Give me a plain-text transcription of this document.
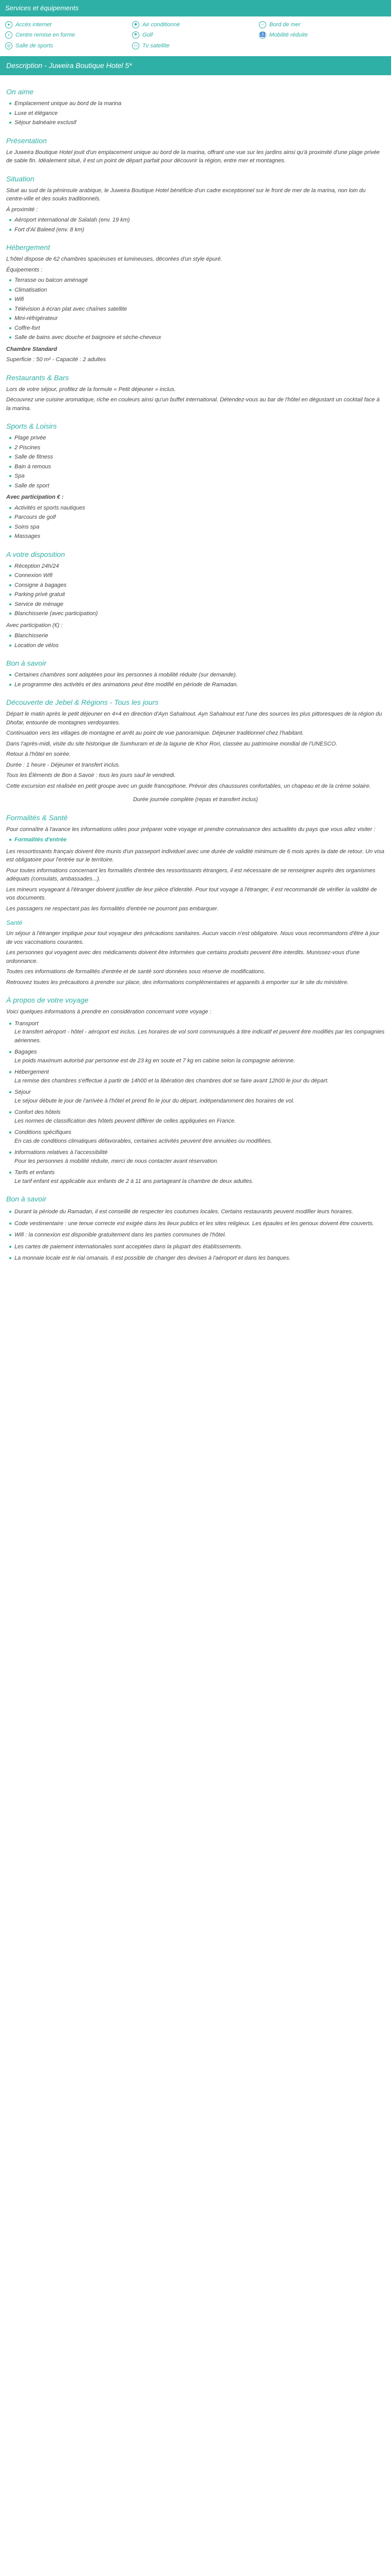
Services et équipements
● Accès internet	✱ Air conditionné	~ Bord de mer
+ Centre remise en forme	⚑ Golf	♿ Mobilité réduite
◎ Salle de sports	▭ Tv satellite
Description - Juweira Boutique Hotel 5*
On aime
Emplacement unique au bord de la marina
Luxe et élégance
Séjour balnéaire exclusif
Présentation

Le Juweira Boutique Hotel jouit d'un emplacement unique au bord de la marina, offrant une vue sur les jardins ainsi qu'à proximité d'une plage privée de sable fin. Idéalement situé, il est un point de départ parfait pour découvrir la région, entre mer et montagnes.

Situation

Situé au sud de la péninsule arabique, le Juweira Boutique Hotel bénéficie d'un cadre exceptionnel sur le front de mer de la marina, non loin du centre-ville et des souks traditionnels.

À proximité :

Aéroport international de Salalah (env. 19 km)
Fort d'Al Baleed (env. 8 km)
Hébergement

L'hôtel dispose de 62 chambres spacieuses et lumineuses, décorées d'un style épuré.

Équipements :

Terrasse ou balcon aménagé
Climatisation
Wifi
Télévision à écran plat avec chaînes satellite
Mini-réfrigérateur
Coffre-fort
Salle de bains avec douche et baignoire et sèche-cheveux

Chambre Standard

Superficie : 50 m² - Capacité : 2 adultes

Restaurants & Bars

Lors de votre séjour, profitez de la formule « Petit déjeuner » inclus.

Découvrez une cuisine aromatique, riche en couleurs ainsi qu'un buffet international. Détendez-vous au bar de l'hôtel en dégustant un cocktail face à la marina.

Sports & Loisirs
Plage privée
2 Piscines
Salle de fitness
Bain à remous
Spa
Salle de sport

Avec participation € :

Activités et sports nautiques
Parcours de golf
Soins spa
Massages
A votre disposition
Réception 24h/24
Connexion Wifi
Consigne à bagages
Parking privé gratuit
Service de ménage
Blanchisserie (avec participation)

Avec participation (€) :

Blanchisserie
Location de vélos
Bon à savoir
Certaines chambres sont adaptées pour les personnes à mobilité réduite (sur demande).
Le programme des activités et des animations peut être modifié en période de Ramadan.
Découverte de Jebel & Régions - Tous les jours

Départ le matin après le petit déjeuner en 4×4 en direction d'Ayn Sahalnout. Ayn Sahalnout est l'une des sources les plus pittoresques de la région du Dhofar, entourée de montagnes verdoyantes.

Continuation vers les villages de montagne et arrêt au point de vue panoramique. Déjeuner traditionnel chez l'habitant.

Dans l'après-midi, visite du site historique de Sumhuram et de la lagune de Khor Rori, classée au patrimoine mondial de l'UNESCO.

Retour à l'hôtel en soirée.

Durée : 1 heure - Déjeuner et transfert inclus.

Tous les Éléments de Bon à Savoir : tous les jours sauf le vendredi.

Cette excursion est réalisée en petit groupe avec un guide francophone. Prévoir des chaussures confortables, un chapeau et de la crème solaire.

Durée journée complète (repas et transfert inclus)

Formalités & Santé

Pour connaître à l'avance les informations utiles pour préparer votre voyage et prendre connaissance des actualités du pays que vous allez visiter :

Formalités d'entrée

Les ressortissants français doivent être munis d'un passeport individuel avec une durée de validité minimum de 6 mois après la date de retour. Un visa est obligatoire pour l'entrée sur le territoire.

Pour toutes informations concernant les formalités d'entrée des ressortissants étrangers, il est nécessaire de se renseigner auprès des organismes adéquats (consulats, ambassades...).

Les mineurs voyageant à l'étranger doivent justifier de leur pièce d'identité. Pour tout voyage à l'étranger, il est recommandé de vérifier la validité de vos documents.

Les passagers ne respectant pas les formalités d'entrée ne pourront pas embarquer.

Santé

Un séjour à l'étranger implique pour tout voyageur des précautions sanitaires. Aucun vaccin n'est obligatoire. Nous vous recommandons d'être à jour de vos vaccinations courantes.

Les personnes qui voyagent avec des médicaments doivent être informées que certains produits peuvent être interdits. Munissez-vous d'une ordonnance.

Toutes ces informations de formalités d'entrée et de santé sont données sous réserve de modifications.

Retrouvez toutes les précautions à prendre sur place, des informations complémentaires et appareils à emporter sur le site du ministère.

À propos de votre voyage

Voici quelques informations à prendre en considération concernant votre voyage :

Transport
Le transfert aéroport - hôtel - aéroport est inclus. Les horaires de vol sont communiqués à titre indicatif et peuvent être modifiés par les compagnies aériennes.
Bagages
Le poids maximum autorisé par personne est de 23 kg en soute et 7 kg en cabine selon la compagnie aérienne.
Hébergement
La remise des chambres s'effectue à partir de 14h00 et la libération des chambres doit se faire avant 12h00 le jour du départ.
Séjour
Le séjour débute le jour de l'arrivée à l'hôtel et prend fin le jour du départ, indépendamment des horaires de vol.
Confort des hôtels
Les normes de classification des hôtels peuvent différer de celles appliquées en France.
Conditions spécifiques
En cas de conditions climatiques défavorables, certaines activités peuvent être annulées ou modifiées.
Informations relatives à l'accessibilité
Pour les personnes à mobilité réduite, merci de nous contacter avant réservation.
Tarifs et enfants
Le tarif enfant est applicable aux enfants de 2 à 11 ans partageant la chambre de deux adultes.
Bon à savoir
Durant la période du Ramadan, il est conseillé de respecter les coutumes locales. Certains restaurants peuvent modifier leurs horaires.
Code vestimentaire : une tenue correcte est exigée dans les lieux publics et les sites religieux. Les épaules et les genoux doivent être couverts.
Wifi : la connexion est disponible gratuitement dans les parties communes de l'hôtel.
Les cartes de paiement internationales sont acceptées dans la plupart des établissements.
La monnaie locale est le rial omanais. Il est possible de changer des devises à l'aéroport et dans les banques.
